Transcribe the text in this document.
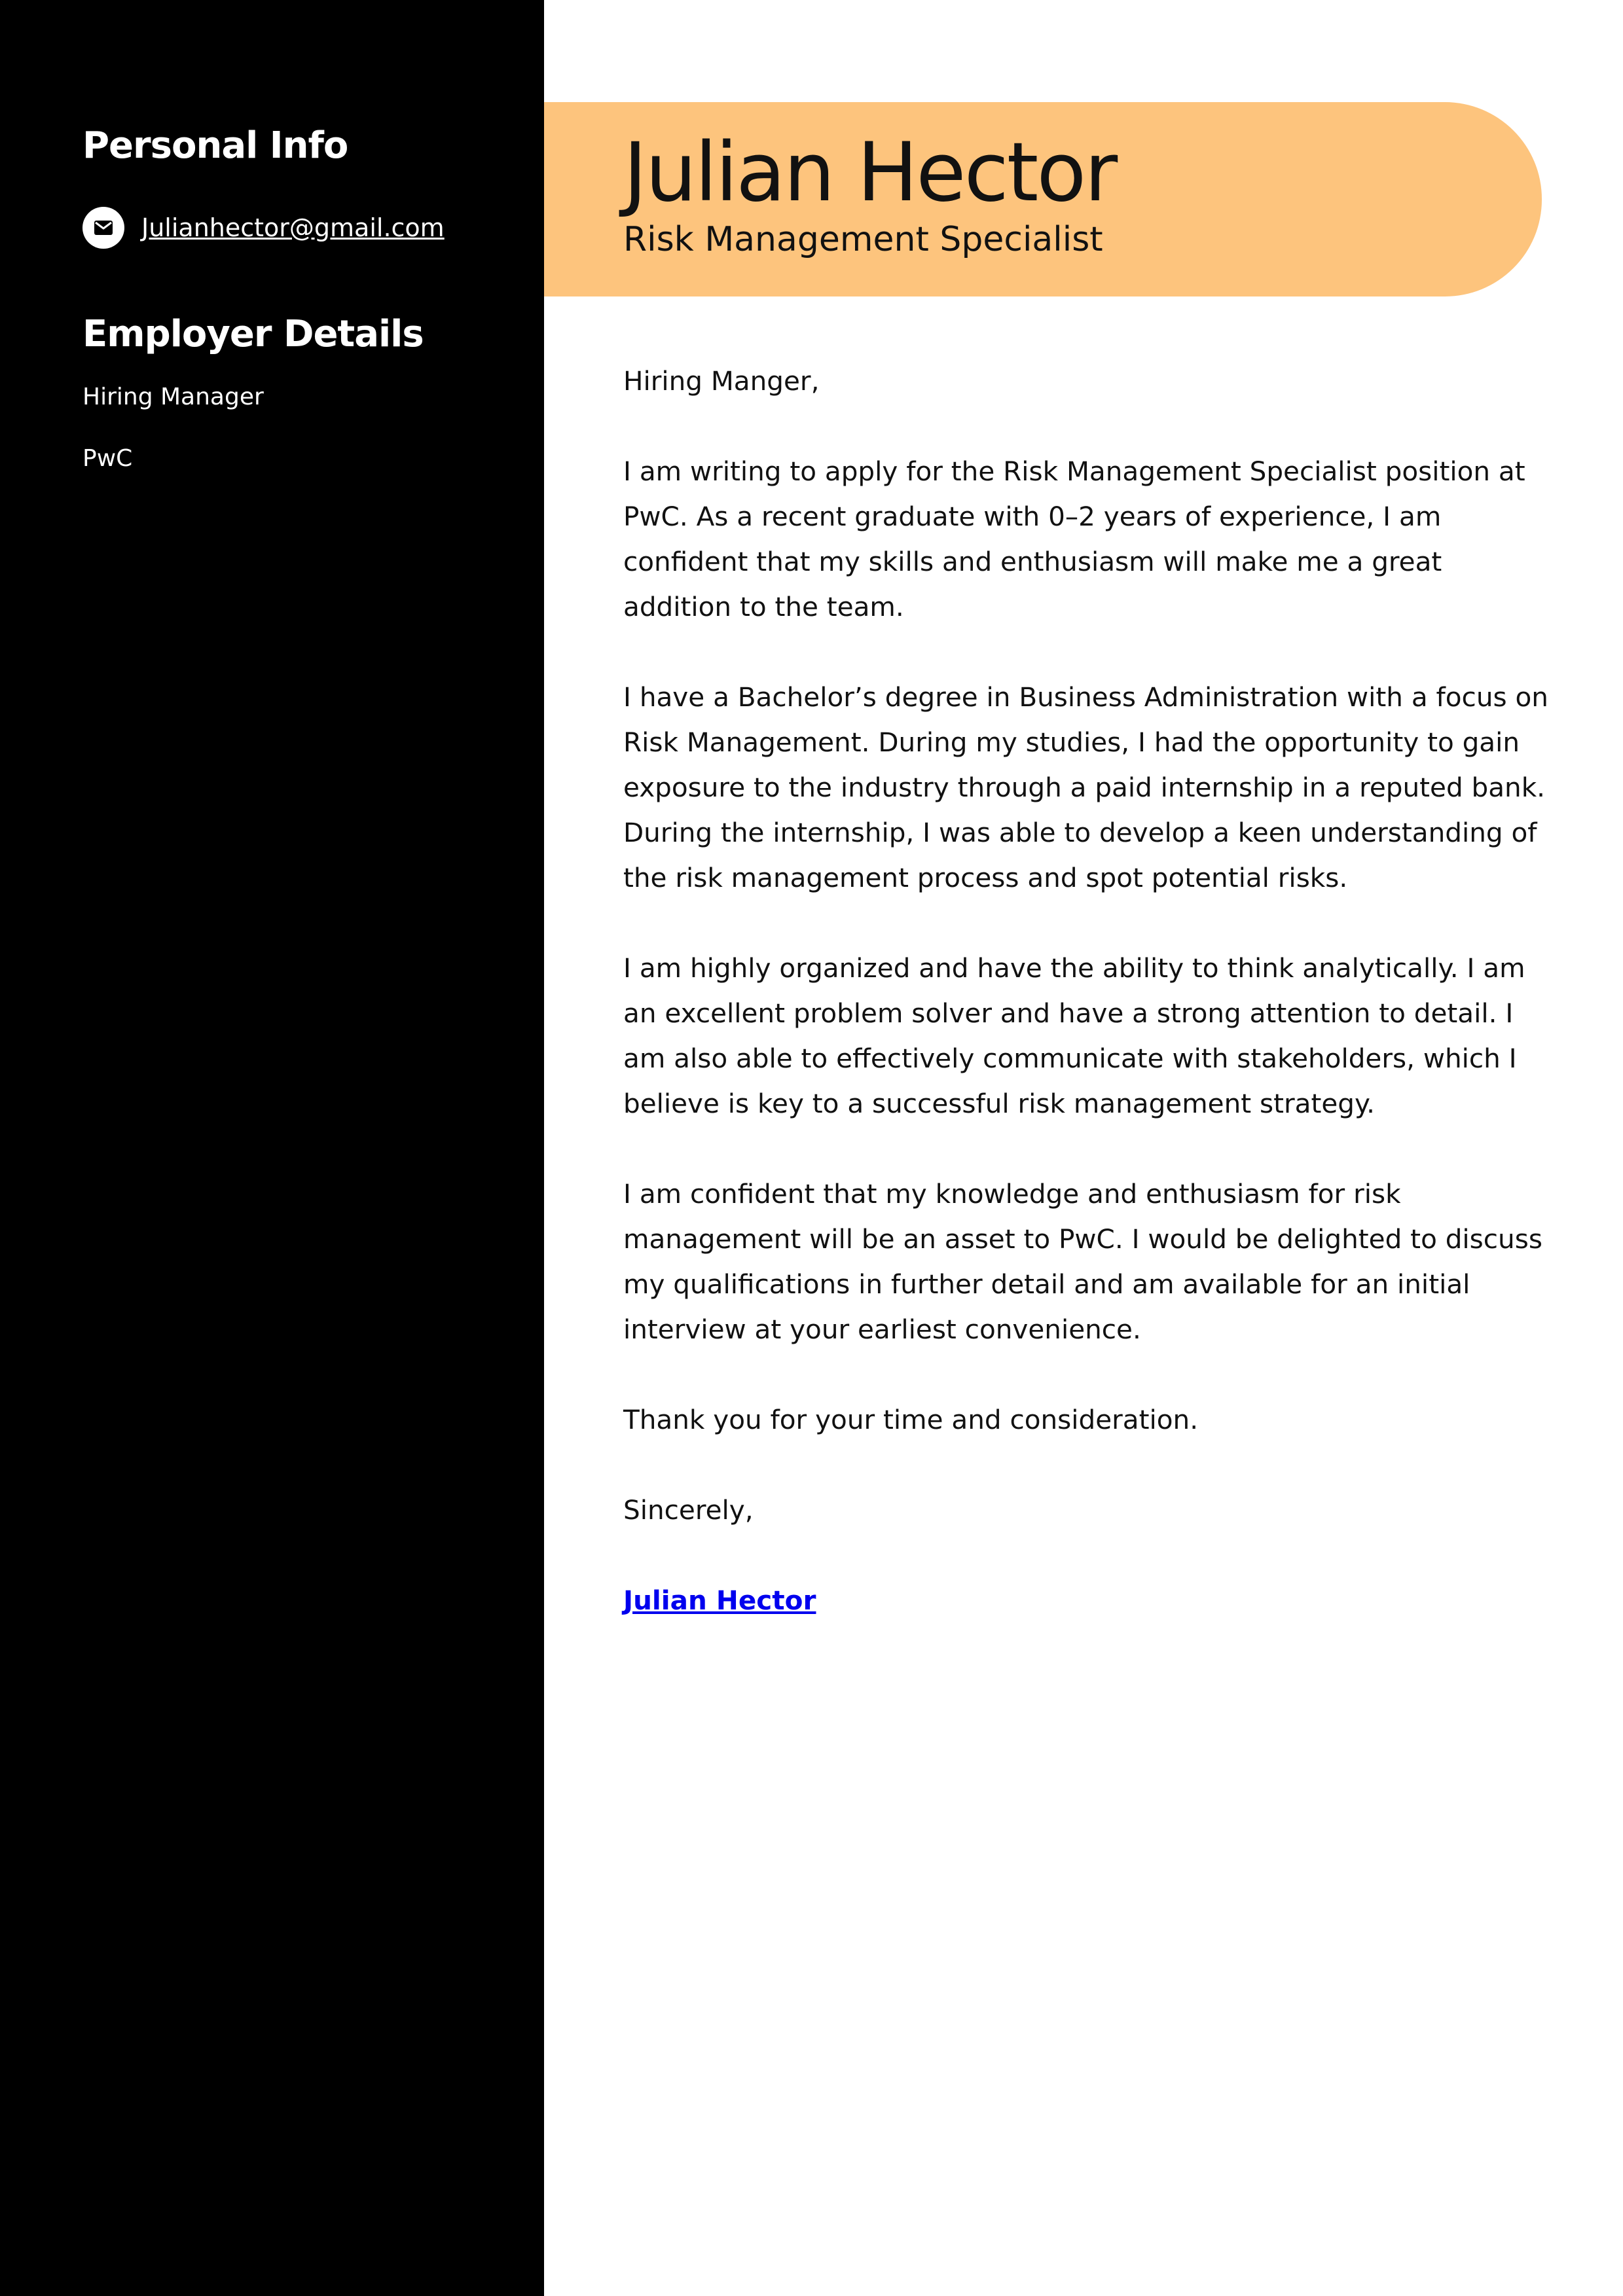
Personal Info
Julianhector@gmail.com
Employer Details

Hiring Manager

PwC

Julian Hector

Risk Management Specialist

Hiring Manger,

I am writing to apply for the Risk Management Specialist position at PwC. As a recent graduate with 0–2 years of experience, I am confident that my skills and enthusiasm will make me a great addition to the team.

I have a Bachelor’s degree in Business Administration with a focus on Risk Management. During my studies, I had the opportunity to gain exposure to the industry through a paid internship in a reputed bank. During the internship, I was able to develop a keen understanding of the risk management process and spot potential risks.

I am highly organized and have the ability to think analytically. I am an excellent problem solver and have a strong attention to detail. I am also able to effectively communicate with stakeholders, which I believe is key to a successful risk management strategy.

I am confident that my knowledge and enthusiasm for risk management will be an asset to PwC. I would be delighted to discuss my qualifications in further detail and am available for an initial interview at your earliest convenience.

Thank you for your time and consideration.

Sincerely,

Julian Hector
